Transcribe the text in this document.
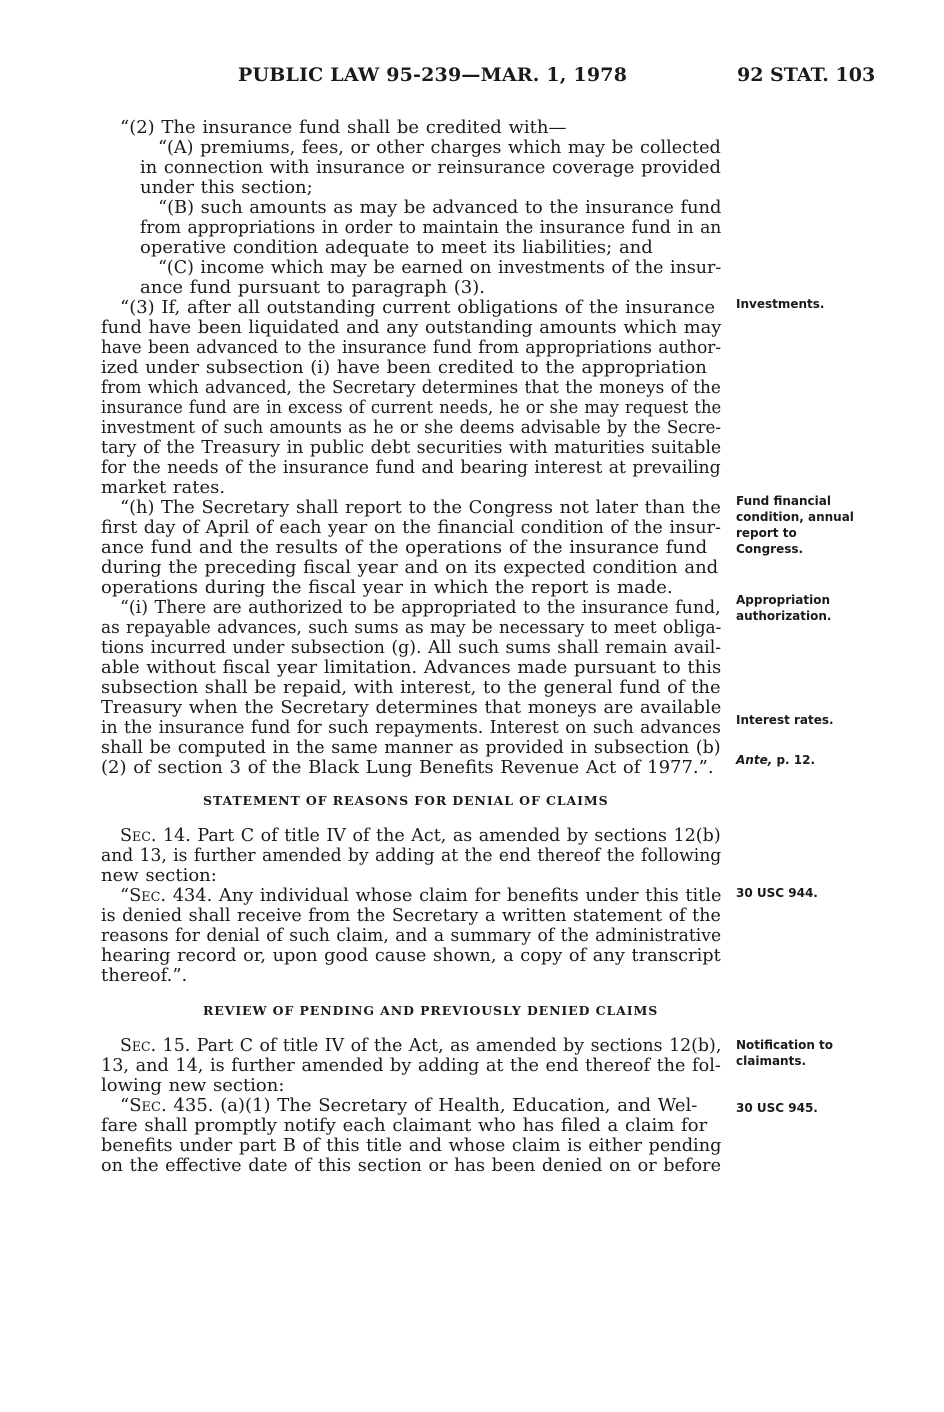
PUBLIC LAW 95-239—MAR. 1, 1978	92 STAT. 103
“(2) The insurance fund shall be credited with—
“(A) premiums, fees, or other charges which may be collected
in connection with insurance or reinsurance coverage provided
under this section;
“(B) such amounts as may be advanced to the insurance fund
from appropriations in order to maintain the insurance fund in an
operative condition adequate to meet its liabilities; and
“(C) income which may be earned on investments of the insur-
ance fund pursuant to paragraph (3).
“(3) If, after all outstanding current obligations of the insurance
fund have been liquidated and any outstanding amounts which may
have been advanced to the insurance fund from appropriations author-
ized under subsection (i) have been credited to the appropriation
from which advanced, the Secretary determines that the moneys of the
insurance fund are in excess of current needs, he or she may request the
investment of such amounts as he or she deems advisable by the Secre-
tary of the Treasury in public debt securities with maturities suitable
for the needs of the insurance fund and bearing interest at prevailing
market rates.
“(h) The Secretary shall report to the Congress not later than the
first day of April of each year on the financial condition of the insur-
ance fund and the results of the operations of the insurance fund
during the preceding fiscal year and on its expected condition and
operations during the fiscal year in which the report is made.
“(i) There are authorized to be appropriated to the insurance fund,
as repayable advances, such sums as may be necessary to meet obliga-
tions incurred under subsection (g). All such sums shall remain avail-
able without fiscal year limitation. Advances made pursuant to this
subsection shall be repaid, with interest, to the general fund of the
Treasury when the Secretary determines that moneys are available
in the insurance fund for such repayments. Interest on such advances
shall be computed in the same manner as provided in subsection (b)
(2) of section 3 of the Black Lung Benefits Revenue Act of 1977.”.
STATEMENT OF REASONS FOR DENIAL OF CLAIMS
Sec. 14. Part C of title IV of the Act, as amended by sections 12(b)
and 13, is further amended by adding at the end thereof the following
new section:
“Sec. 434. Any individual whose claim for benefits under this title
is denied shall receive from the Secretary a written statement of the
reasons for denial of such claim, and a summary of the administrative
hearing record or, upon good cause shown, a copy of any transcript
thereof.”.
REVIEW OF PENDING AND PREVIOUSLY DENIED CLAIMS
Sec. 15. Part C of title IV of the Act, as amended by sections 12(b),
13, and 14, is further amended by adding at the end thereof the fol-
lowing new section:
“Sec. 435. (a)(1) The Secretary of Health, Education, and Wel-
fare shall promptly notify each claimant who has filed a claim for
benefits under part B of this title and whose claim is either pending
on the effective date of this section or has been denied on or before
Investments.
Fund financial
condition, annual
report to
Congress.
Appropriation
authorization.
Interest rates.
Ante, p. 12.
30 USC 944.
Notification to
claimants.
30 USC 945.
